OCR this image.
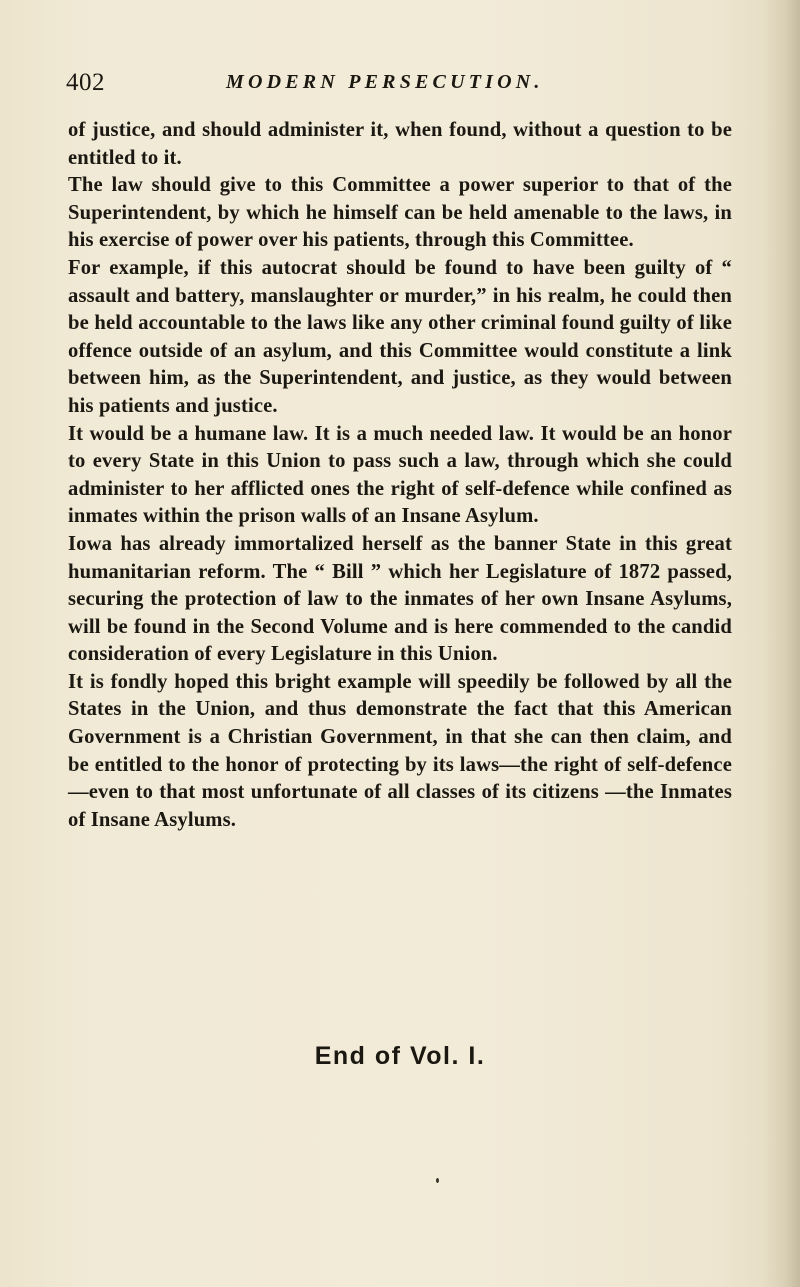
402	MODERN PERSECUTION.

of justice, and should administer it, when found, without a question to be entitled to it.

The law should give to this Committee a power superior to that of the Superintendent, by which he himself can be held amenable to the laws, in his exercise of power over his patients, through this Committee.

For example, if this autocrat should be found to have been guilty of “ assault and battery, manslaughter or murder,” in his realm, he could then be held accountable to the laws like any other criminal found guilty of like offence outside of an asylum, and this Committee would constitute a link between him, as the Superintendent, and justice, as they would between his patients and justice.

It would be a humane law. It is a much needed law. It would be an honor to every State in this Union to pass such a law, through which she could administer to her afflicted ones the right of self-defence while confined as inmates within the prison walls of an Insane Asylum.

Iowa has already immortalized herself as the banner State in this great humanitarian reform. The “ Bill ” which her Legislature of 1872 passed, securing the protection of law to the inmates of her own Insane Asylums, will be found in the Second Volume and is here commended to the candid consideration of every Legislature in this Union.

It is fondly hoped this bright example will speedily be followed by all the States in the Union, and thus demonstrate the fact that this American Government is a Christian Government, in that she can then claim, and be entitled to the honor of protecting by its laws—the right of self-defence —even to that most unfortunate of all classes of its citizens —the Inmates of Insane Asylums.

End of Vol. I.
